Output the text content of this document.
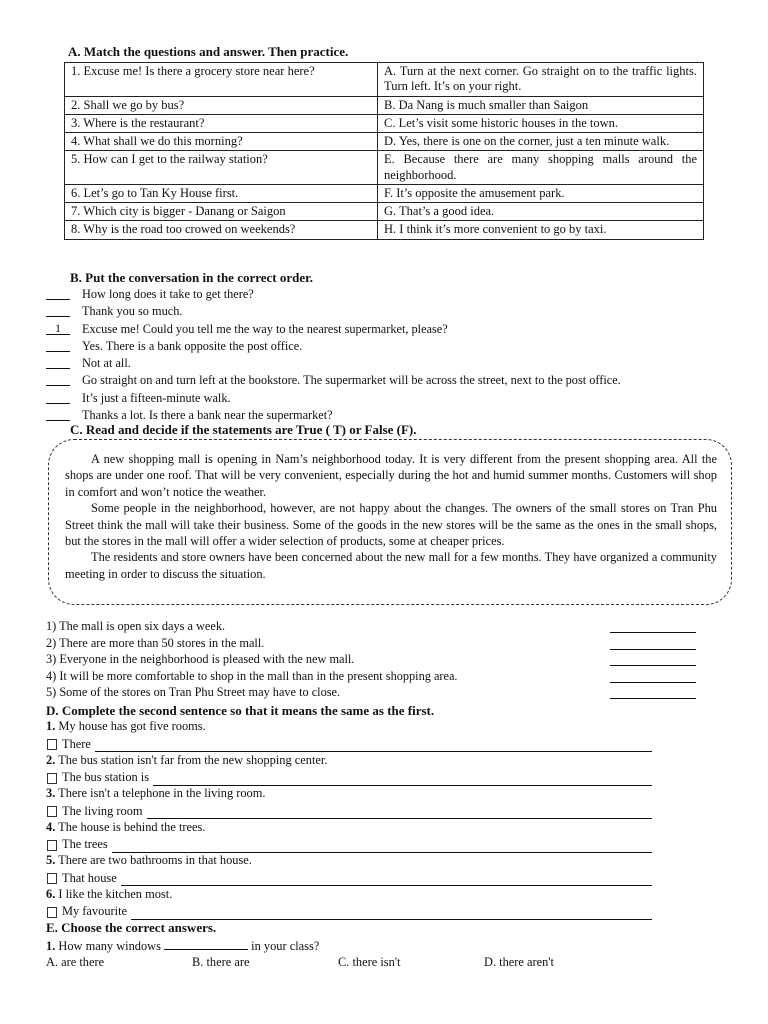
A. Match the questions and answer. Then practice.
1. Excuse me! Is there a grocery store near here?	A. Turn at the next corner. Go straight on to the traffic lights. Turn left. It’s on your right.
2. Shall we go by bus?	B. Da Nang is much smaller than Saigon
3. Where is the restaurant?	C. Let’s visit some historic houses in the town.
4. What shall we do this morning?	D. Yes, there is one on the corner, just a ten minute walk.
5. How can I get to the railway station?	E. Because there are many shopping malls around the neighborhood.
6. Let’s go to Tan Ky House first.	F. It’s opposite the amusement park.
7. Which city is bigger - Danang or Saigon	G. That’s a good idea.
8. Why is the road too crowed on weekends?	H. I think it’s more convenient to go by taxi.
B. Put the conversation in the correct order.
How long does it take to get there?
Thank you so much.
1	Excuse me! Could you tell me the way to the nearest supermarket, please?
Yes. There is a bank opposite the post office.
Not at all.
Go straight on and turn left at the bookstore. The supermarket will be across the street, next to the post office.
It’s just a fifteen-minute walk.
Thanks a lot. Is there a bank near the supermarket?
C. Read and decide if the statements are True ( T) or False (F).

A new shopping mall is opening in Nam’s neighborhood today. It is very different from the present shopping area. All the shops are under one roof. That will be very convenient, especially during the hot and humid summer months. Customers will shop in comfort and won’t notice the weather.

Some people in the neighborhood, however, are not happy about the changes. The owners of the small stores on Tran Phu Street think the mall will take their business. Some of the goods in the new stores will be the same as the ones in the small shops, but the stores in the mall will offer a wider selection of products, some at cheaper prices.

The residents and store owners have been concerned about the new mall for a few months. They have organized a community meeting in order to discuss the situation.

1) The mall is open six days a week.
2) There are more than 50 stores in the mall.
3) Everyone in the neighborhood is pleased with the new mall.
4) It will be more comfortable to shop in the mall than in the present shopping area.
5) Some of the stores on Tran Phu Street may have to close.
D. Complete the second sentence so that it means the same as the first.
1. My house has got five rooms.
There
2. The bus station isn't far from the new shopping center.
The bus station is
3. There isn't a telephone in the living room.
The living room
4. The house is behind the trees.
The trees
5. There are two bathrooms in that house.
That house
6. I like the kitchen most.
My favourite
E. Choose the correct answers.
1. How many windows	in your class?
A. are there	B. there are	C. there isn't	D. there aren't
